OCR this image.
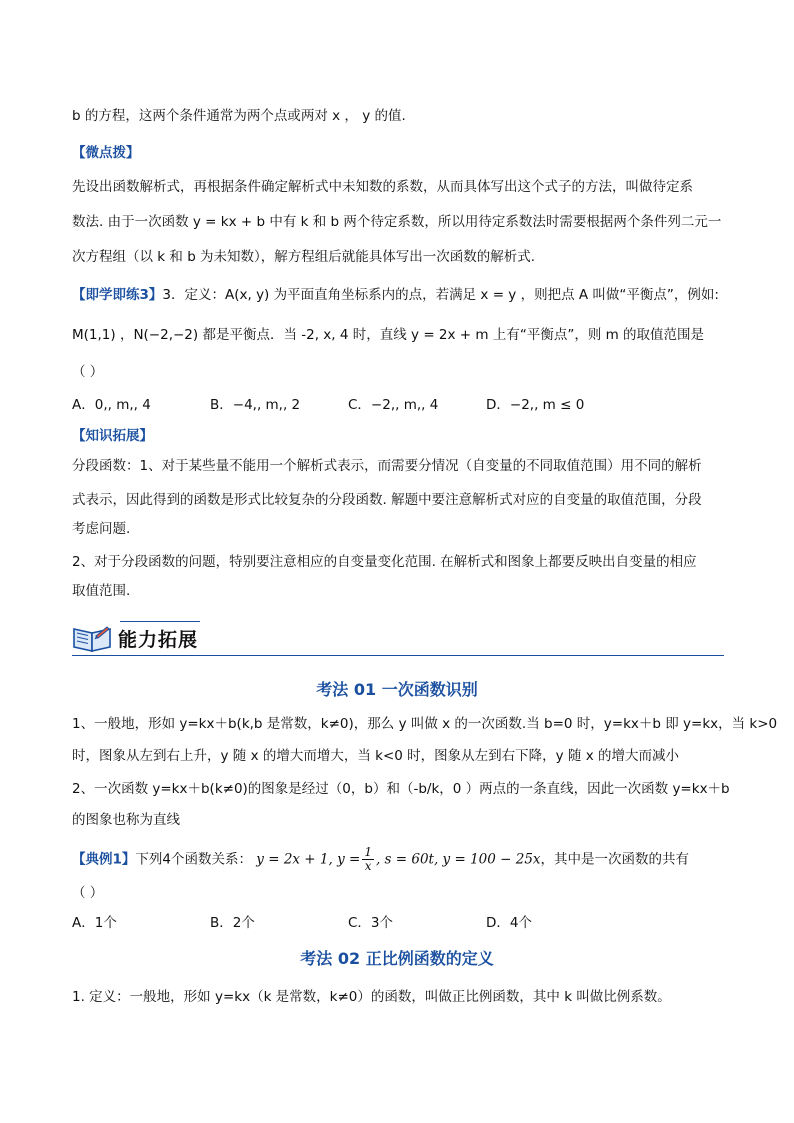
b 的方程，这两个条件通常为两个点或两对 x ， y 的值.
【微点拨】
先设出函数解析式，再根据条件确定解析式中未知数的系数，从而具体写出这个式子的方法，叫做待定系
数法. 由于一次函数 y = kx + b 中有 k 和 b 两个待定系数，所以用待定系数法时需要根据两个条件列二元一
次方程组（以 k 和 b 为未知数），解方程组后就能具体写出一次函数的解析式.
【即学即练3】3．定义：A(x, y) 为平面直角坐标系内的点，若满足 x = y ，则把点 A 叫做“平衡点”，例如:
M(1,1) ，N(−2,−2) 都是平衡点．当 -2, x, 4 时，直线 y = 2x + m 上有“平衡点”，则 m 的取值范围是
（ ）
A．0,, m,, 4	B．−4,, m,, 2	C．−2,, m,, 4	D．−2,, m ≤ 0
【知识拓展】
分段函数：1、对于某些量不能用一个解析式表示，而需要分情况（自变量的不同取值范围）用不同的解析
式表示，因此得到的函数是形式比较复杂的分段函数. 解题中要注意解析式对应的自变量的取值范围，分段
考虑问题.
2、对于分段函数的问题，特别要注意相应的自变量变化范围. 在解析式和图象上都要反映出自变量的相应
取值范围.
能力拓展
考法 01 一次函数识别
1、一般地，形如 y=kx＋b(k,b 是常数，k≠0)，那么 y 叫做 x 的一次函数.当 b=0 时，y=kx＋b 即 y=kx，当 k>0
时，图象从左到右上升，y 随 x 的增大而增大，当 k<0 时，图象从左到右下降，y 随 x 的增大而减小
2、一次函数 y=kx＋b(k≠0)的图象是经过（0，b）和（-b/k，0 ）两点的一条直线，因此一次函数 y=kx＋b
的图象也称为直线
【典例1】下列4个函数关系： y = 2x + 1, $y = \frac{1}{x}$ , s = 60t, y = 100 − 25x，其中是一次函数的共有
（ ）
A．1个	B．2个	C．3个	D．4个
考法 02 正比例函数的定义
1. 定义：一般地，形如 y=kx（k 是常数，k≠0）的函数，叫做正比例函数，其中 k 叫做比例系数。
